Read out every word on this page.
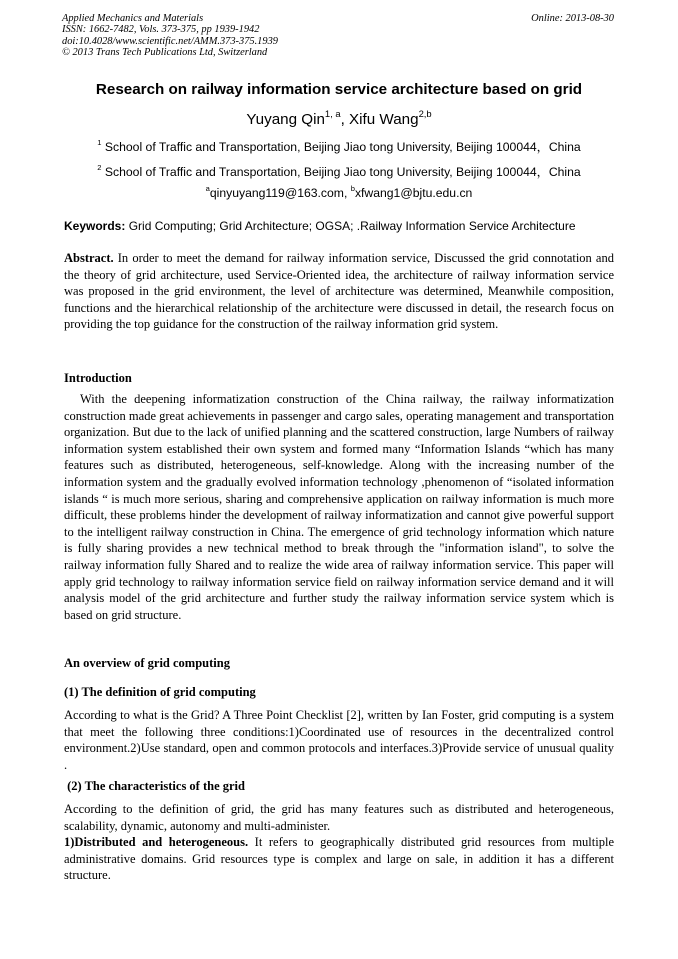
Applied Mechanics and Materials
ISSN: 1662-7482, Vols. 373-375, pp 1939-1942
doi:10.4028/www.scientific.net/AMM.373-375.1939
© 2013 Trans Tech Publications Ltd, Switzerland
Online: 2013-08-30
Research on railway information service architecture based on grid
Yuyang Qin$^{1, a}$, Xifu Wang$^{2,b}$
$^1$ School of Traffic and Transportation, Beijing Jiao tong University, Beijing 100044，China
$^2$ School of Traffic and Transportation, Beijing Jiao tong University, Beijing 100044，China
$^a$qinyuyang119@163.com, $^b$xfwang1@bjtu.edu.cn
Keywords: Grid Computing; Grid Architecture; OGSA; .Railway Information Service Architecture
Abstract. In order to meet the demand for railway information service, Discussed the grid connotation and the theory of grid architecture, used Service-Oriented idea, the architecture of railway information service was proposed in the grid environment, the level of architecture was determined, Meanwhile composition, functions and the hierarchical relationship of the architecture were discussed in detail, the research focus on providing the top guidance for the construction of the railway information grid system.
Introduction
With the deepening informatization construction of the China railway, the railway informatization construction made great achievements in passenger and cargo sales, operating management and transportation organization. But due to the lack of unified planning and the scattered construction, large Numbers of railway information system established their own system and formed many “Information Islands “which has many features such as distributed, heterogeneous, self-knowledge. Along with the increasing number of the information system and the gradually evolved information technology ,phenomenon of “isolated information islands “ is much more serious, sharing and comprehensive application on railway information is much more difficult, these problems hinder the development of railway informatization and cannot give powerful support to the intelligent railway construction in China. The emergence of grid technology information which nature is fully sharing provides a new technical method to break through the "information island", to solve the railway information fully Shared and to realize the wide area of railway information service. This paper will apply grid technology to railway information service field on railway information service demand and it will analysis model of the grid architecture and further study the railway information service system which is based on grid structure.
An overview of grid computing
(1) The definition of grid computing
According to what is the Grid? A Three Point Checklist [2], written by Ian Foster, grid computing is a system that meet the following three conditions:1)Coordinated use of resources in the decentralized control environment.2)Use standard, open and common protocols and interfaces.3)Provide service of unusual quality .
(2) The characteristics of the grid
According to the definition of grid, the grid has many features such as distributed and heterogeneous, scalability, dynamic, autonomy and multi-administer.
1)Distributed and heterogeneous. It refers to geographically distributed grid resources from multiple administrative domains. Grid resources type is complex and large on sale, in addition it has a different structure.
